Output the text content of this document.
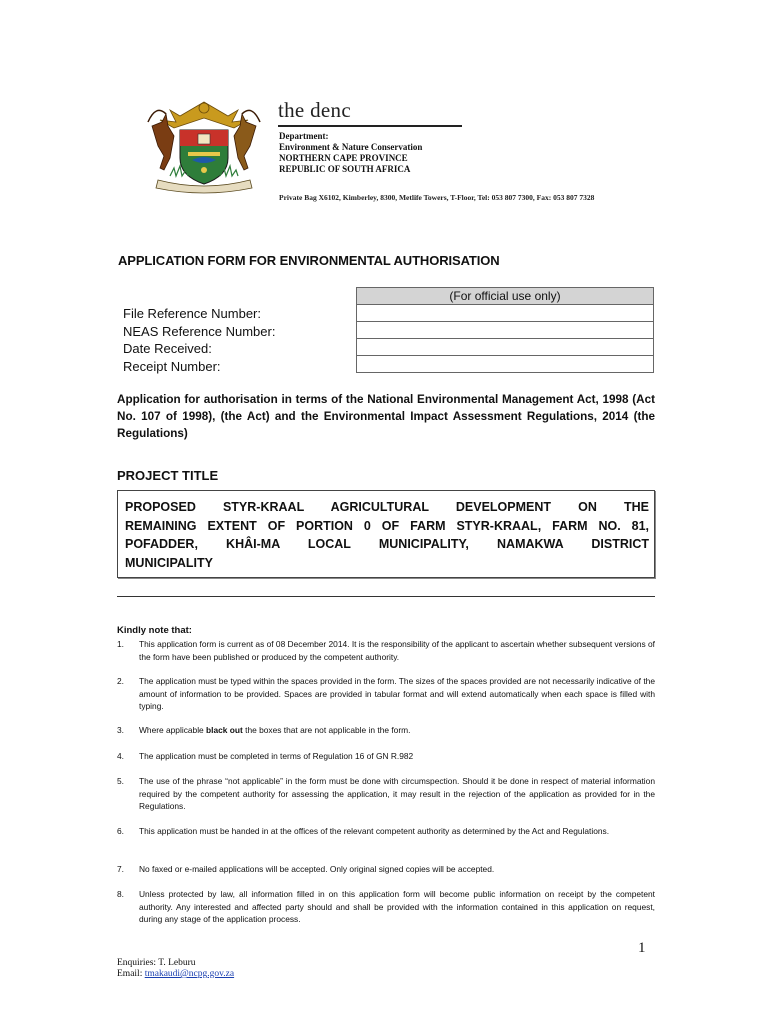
the denc
Department:
Environment & Nature Conservation
NORTHERN CAPE PROVINCE
REPUBLIC OF SOUTH AFRICA
Private Bag X6102, Kimberley, 8300, Metlife Towers, T-Floor, Tel: 053 807 7300, Fax: 053 807 7328
APPLICATION FORM FOR ENVIRONMENTAL AUTHORISATION
File Reference Number:
NEAS Reference Number:
Date Received:
Receipt Number:
(For official use only)
Application for authorisation in terms of the National Environmental Management Act, 1998 (Act No. 107 of 1998), (the Act) and the Environmental Impact Assessment Regulations, 2014 (the Regulations)
PROJECT TITLE
PROPOSED STYR-KRAAL AGRICULTURAL DEVELOPMENT ON THE
REMAINING EXTENT OF PORTION 0 OF FARM STYR-KRAAL, FARM NO. 81,
POFADDER, KHÂI-MA LOCAL MUNICIPALITY, NAMAKWA DISTRICT
MUNICIPALITY
Kindly note that:
1. This application form is current as of 08 December 2014. It is the responsibility of the applicant to ascertain whether subsequent versions of the form have been published or produced by the competent authority.
2. The application must be typed within the spaces provided in the form. The sizes of the spaces provided are not necessarily indicative of the amount of information to be provided. Spaces are provided in tabular format and will extend automatically when each space is filled with typing.
3. Where applicable black out the boxes that are not applicable in the form.
4. The application must be completed in terms of Regulation 16 of GN R.982
5. The use of the phrase “not applicable” in the form must be done with circumspection. Should it be done in respect of material information required by the competent authority for assessing the application, it may result in the rejection of the application as provided for in the Regulations.
6. This application must be handed in at the offices of the relevant competent authority as determined by the Act and Regulations.
7. No faxed or e-mailed applications will be accepted. Only original signed copies will be accepted.
8. Unless protected by law, all information filled in on this application form will become public information on receipt by the competent authority. Any interested and affected party should and shall be provided with the information contained in this application on request, during any stage of the application process.
1
Enquiries: T. Leburu
Email: tmakaudi@ncpg.gov.za
